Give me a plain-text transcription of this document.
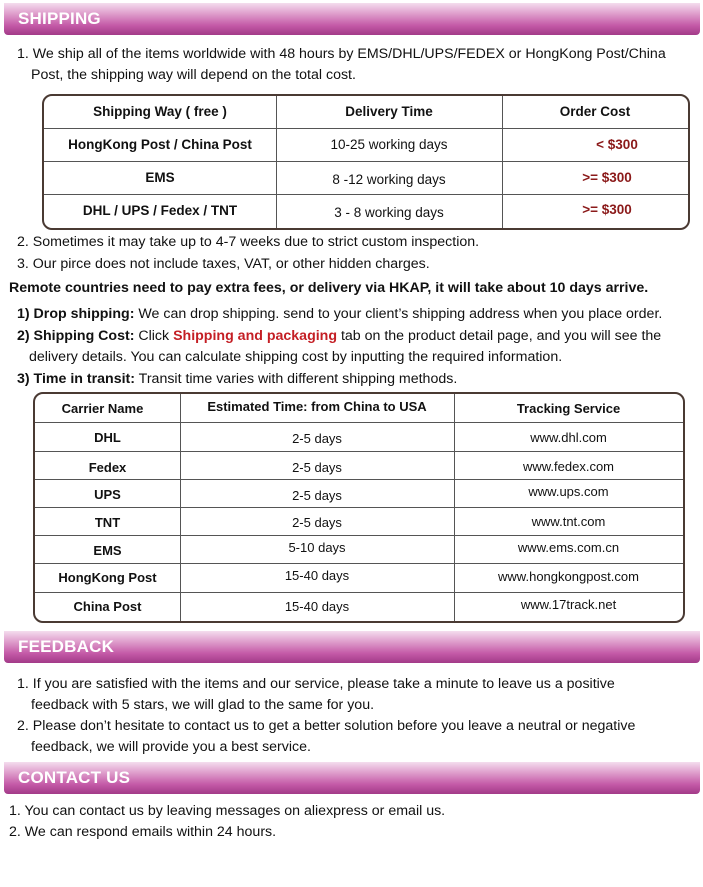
SHIPPING
1. We ship all of the items worldwide with 48 hours by EMS/DHL/UPS/FEDEX or HongKong Post/China
Post, the shipping way will depend on the total cost.
Shipping Way ( free )	Delivery Time	Order Cost
HongKong Post / China Post	10-25 working days	< $300
EMS	8 -12 working days	>= $300
DHL / UPS / Fedex / TNT	3 - 8 working days	>= $300
2. Sometimes it may take up to 4-7 weeks due to strict custom inspection.
3. Our pirce does not include taxes, VAT, or other hidden charges.
Remote countries need to pay extra fees, or delivery via HKAP, it will take about 10 days arrive.
1) Drop shipping: We can drop shipping. send to your client’s shipping address when you place order.
2) Shipping Cost: Click Shipping and packaging tab on the product detail page, and you will see the
delivery details. You can calculate shipping cost by inputting the required information.
3) Time in transit: Transit time varies with different shipping methods.
Carrier Name	Estimated Time: from China to USA	Tracking Service
DHL	2-5 days	www.dhl.com
Fedex	2-5 days	www.fedex.com
UPS	2-5 days	www.ups.com
TNT	2-5 days	www.tnt.com
EMS	5-10 days	www.ems.com.cn
HongKong Post	15-40 days	www.hongkongpost.com
China Post	15-40 days	www.17track.net
FEEDBACK
1. If you are satisfied with the items and our service, please take a minute to leave us a positive
feedback with 5 stars, we will glad to the same for you.
2. Please don’t hesitate to contact us to get a better solution before you leave a neutral or negative
feedback, we will provide you a best service.
CONTACT US
1. You can contact us by leaving messages on aliexpress or email us.
2. We can respond emails within 24 hours.
